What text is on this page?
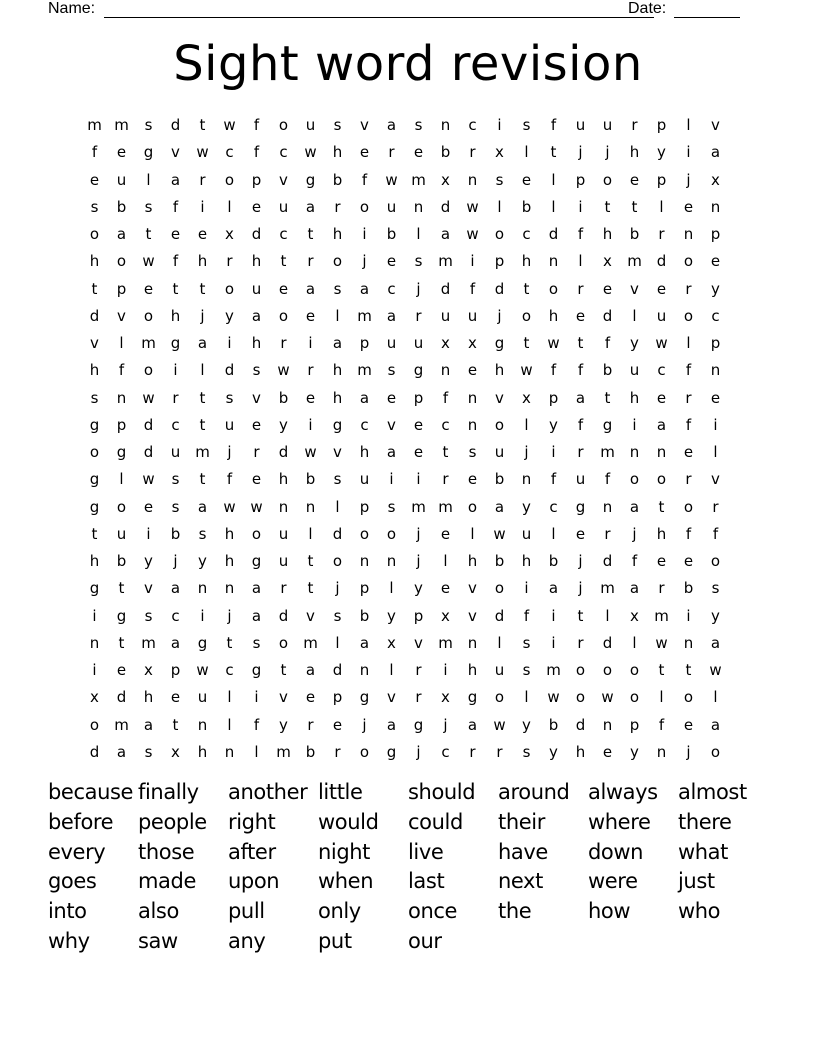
Name:	Date:
Sight word revision
m m	s	d	t	w	f	o	u	s	v	a	s	n	c	i	s	f	u	u	r	p	l	v
f	e	g	v	w	c	f	c	w	h	e	r	e	b	r	x	l	t	j	j	h	y	i	a
e	u	l	a	r	o	p	v	g	b	f	w m	x	n	s	e	l	p	o	e	p	j	x
s	b	s	f	i	l	e	u	a	r	o	u	n	d	w	l	b	l	i	t	t	l	e	n
o	a	t	e	e	x	d	c	t	h	i	b	l	a	w	o	c	d	f	h	b	r	n	p
h	o	w	f	h	r	h	t	r	o	j	e	s	m	i	p	h	n	l	x	m d	o	e
t	p	e	t	t	o	u	e	a	s	a	c	j	d	f	d	t	o	r	e	v	e	r	y
d	v	o	h	j	y	a	o	e	l	m	a	r	u	u	j	o	h	e	d	l	u	o	c
v	l	m g	a	i	h	r	i	a	p	u	u	x	x	g	t	w	t	f	y	w	l	p
h	f	o	i	l	d	s	w	r	h m	s	g	n	e	h	w	f	f	b	u	c	f	n
s	n	w	r	t	s	v	b	e	h	a	e	p	f	n	v	x	p	a	t	h	e	r	e
g	p	d	c	t	u	e	y	i	g	c	v	e	c	n	o	l	y	f	g	i	a	f	i
o	g	d	u m	j	r	d	w	v	h	a	e	t	s	u	j	i	r	m n	n	e	l
g	l	w	s	t	f	e	h	b	s	u	i	i	r	e	b	n	f	u	f	o	o	r	v
g	o	e	s	a	w w	n	n	l	p	s	m m	o	a	y	c	g	n	a	t	o	r
t	u	i	b	s	h	o	u	l	d	o	o	j	e	l	w	u	l	e	r	j	h	f	f
h	b	y	j	y	h	g	u	t	o	n	n	j	l	h	b	h	b	j	d	f	e	e	o
g	t	v	a	n	n	a	r	t	j	p	l	y	e	v	o	i	a	j	m	a	r	b	s
i	g	s	c	i	j	a	d	v	s	b	y	p	x	v	d	f	i	t	l	x	m	i	y
n	t	m	a	g	t	s	o	m	l	a	x	v	m n	l	s	i	r	d	l	w	n	a
i	e	x	p	w	c	g	t	a	d	n	l	r	i	h	u	s	m	o	o	o	t	t	w
x	d	h	e	u	l	i	v	e	p	g	v	r	x	g	o	l	w	o	w	o	l	o	l
o	m	a	t	n	l	f	y	r	e	j	a	g	j	a	w	y	b	d	n	p	f	e	a
d	a	s	x	h	n	l	m b	r	o	g	j	c	r	r	s	y	h	e	y	n	j	o
because finally	another little	should	around always almost
before	people	right	would	could	their	where	there
every	those	after	night	live	have	down	what
goes	made	upon	when	last	next	were	just
into	also	pull	only	once	the	how	who
why	saw	any	put	our
